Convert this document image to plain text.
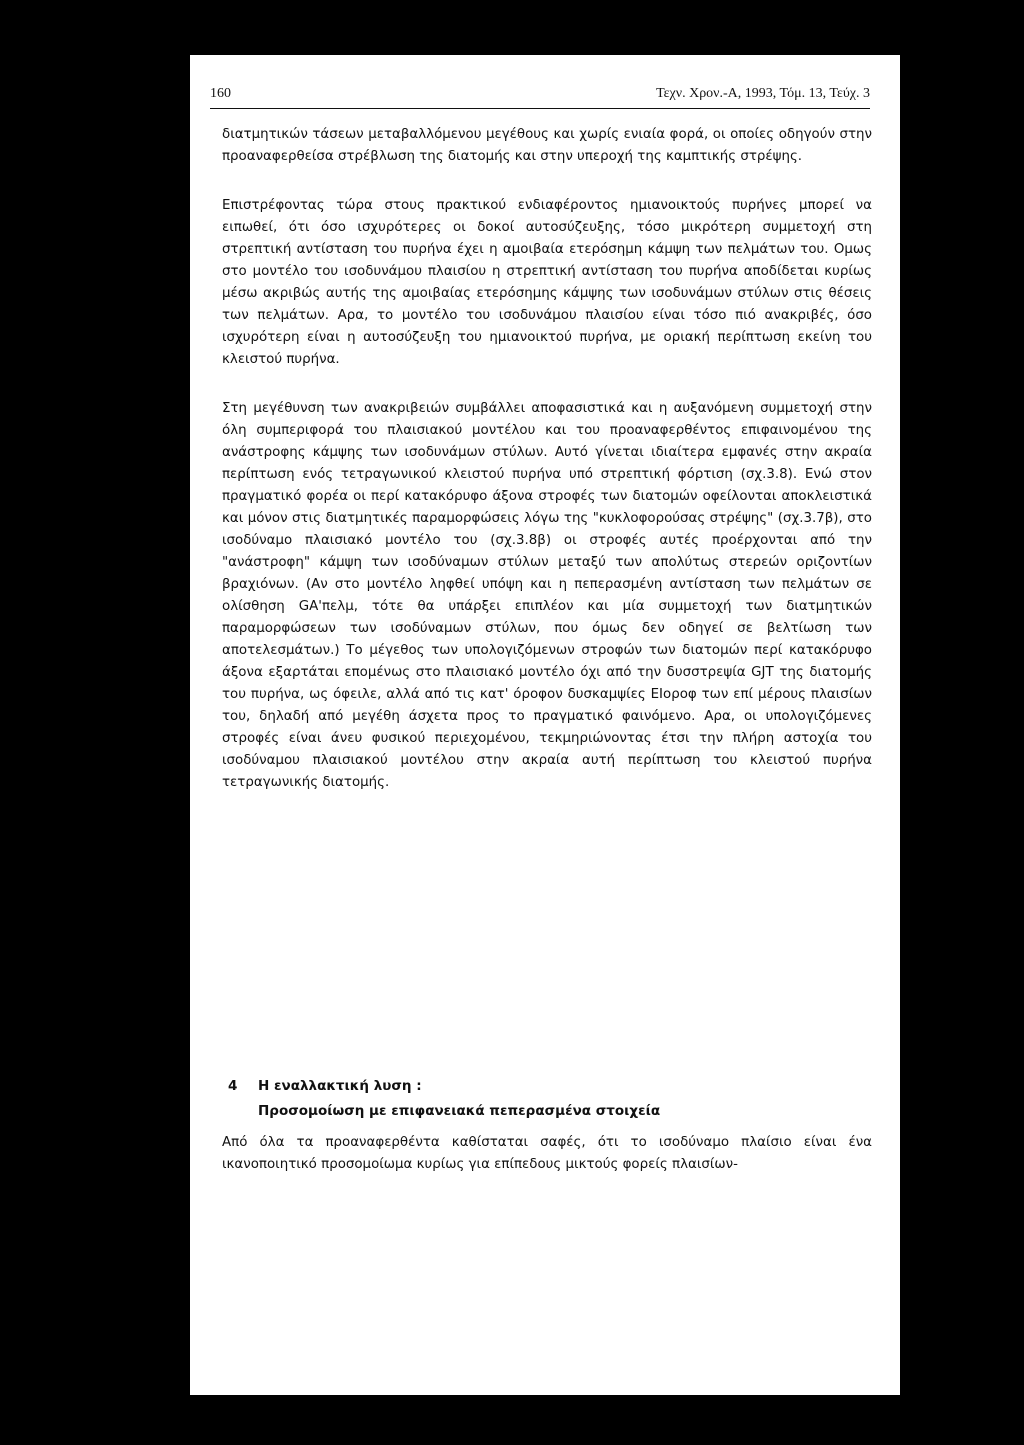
160	Τεχν. Χρον.-Α, 1993, Τόμ. 13, Τεύχ. 3

διατμητικών τάσεων μεταβαλλόμενου μεγέθους και χωρίς ενιαία φορά, οι οποίες οδηγούν στην προαναφερθείσα στρέβλωση της διατομής και στην υπεροχή της καμπτικής στρέψης.

Επιστρέφοντας τώρα στους πρακτικού ενδιαφέροντος ημιανοικτούς πυρήνες μπορεί να ειπωθεί, ότι όσο ισχυρότερες οι δοκοί αυτοσύζευξης, τόσο μικρότερη συμμετοχή στη στρεπτική αντίσταση του πυρήνα έχει η αμοιβαία ετερόσημη κάμψη των πελμάτων του. Ομως στο μοντέλο του ισοδυνάμου πλαισίου η στρεπτική αντίσταση του πυρήνα αποδίδεται κυρίως μέσω ακριβώς αυτής της αμοιβαίας ετερόσημης κάμψης των ισοδυνάμων στύλων στις θέσεις των πελμάτων. Αρα, το μοντέλο του ισοδυνάμου πλαισίου είναι τόσο πιό ανακριβές, όσο ισχυρότερη είναι η αυτοσύζευξη του ημιανοικτού πυρήνα, με οριακή περίπτωση εκείνη του κλειστού πυρήνα.

Στη μεγέθυνση των ανακριβειών συμβάλλει αποφασιστικά και η αυξανόμενη συμμετοχή στην όλη συμπεριφορά του πλαισιακού μοντέλου και του προαναφερθέντος επιφαινομένου της ανάστροφης κάμψης των ισοδυνάμων στύλων. Αυτό γίνεται ιδιαίτερα εμφανές στην ακραία περίπτωση ενός τετραγωνικού κλειστού πυρήνα υπό στρεπτική φόρτιση (σχ.3.8). Ενώ στον πραγματικό φορέα οι περί κατακόρυφο άξονα στροφές των διατομών οφείλονται αποκλειστικά και μόνον στις διατμητικές παραμορφώσεις λόγω της "κυκλοφορούσας στρέψης" (σχ.3.7β), στο ισοδύναμο πλαισιακό μοντέλο του (σχ.3.8β) οι στροφές αυτές προέρχονται από την "ανάστροφη" κάμψη των ισοδύναμων στύλων μεταξύ των απολύτως στερεών οριζοντίων βραχιόνων. (Αν στο μοντέλο ληφθεί υπόψη και η πεπερασμένη αντίσταση των πελμάτων σε ολίσθηση GA'πελμ, τότε θα υπάρξει επιπλέον και μία συμμετοχή των διατμητικών παραμορφώσεων των ισοδύναμων στύλων, που όμως δεν οδηγεί σε βελτίωση των αποτελεσμάτων.) Το μέγεθος των υπολογιζόμενων στροφών των διατομών περί κατακόρυφο άξονα εξαρτάται επομένως στο πλαισιακό μοντέλο όχι από την δυσστρεψία GJT της διατομής του πυρήνα, ως όφειλε, αλλά από τις κατ' όροφον δυσκαμψίες EIοροφ των επί μέρους πλαισίων του, δηλαδή από μεγέθη άσχετα προς το πραγματικό φαινόμενο. Αρα, οι υπολογιζόμενες στροφές είναι άνευ φυσικού περιεχομένου, τεκμηριώνοντας έτσι την πλήρη αστοχία του ισοδύναμου πλαισιακού μοντέλου στην ακραία αυτή περίπτωση του κλειστού πυρήνα τετραγωνικής διατομής.

4 Η εναλλακτική λυση :
Προσομοίωση με επιφανειακά πεπερασμένα στοιχεία

Από όλα τα προαναφερθέντα καθίσταται σαφές, ότι το ισοδύναμο πλαίσιο είναι ένα ικανοποιητικό προσομοίωμα κυρίως για επίπεδους μικτούς φορείς πλαισίων-
